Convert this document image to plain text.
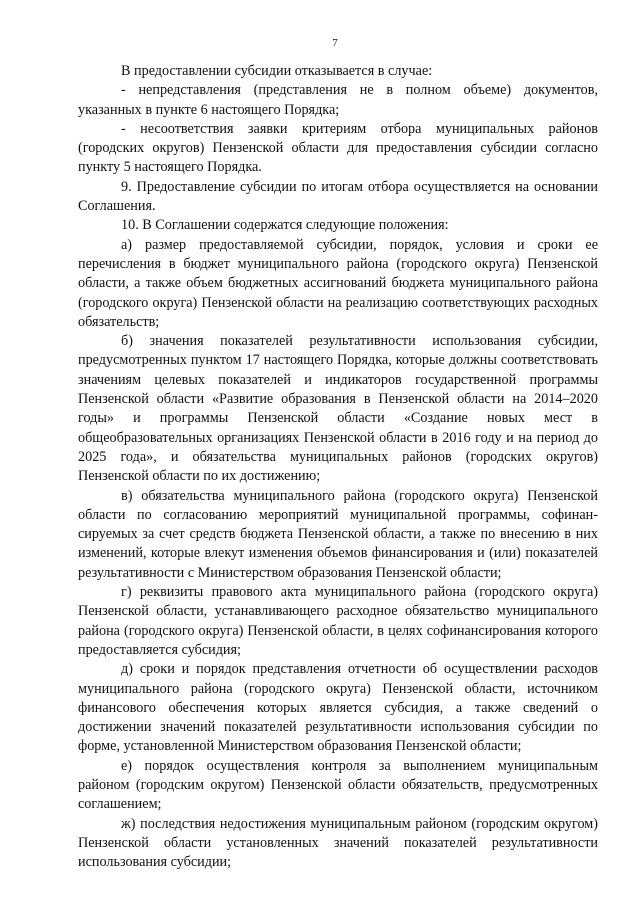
7

В предоставлении субсидии отказывается в случае:

- непредставления (представления не в полном объеме) документов, указанных в пункте 6 настоящего Порядка;

- несоответствия заявки критериям отбора муниципальных районов (городских округов) Пензенской области для предоставления субсидии согласно пункту 5 настоящего Порядка.

9. Предоставление субсидии по итогам отбора осуществляется на основании Соглашения.

10. В Соглашении содержатся следующие положения:

а) размер предоставляемой субсидии, порядок, условия и сроки ее перечисления в бюджет муниципального района (городского округа) Пензенской области, а также объем бюджетных ассигнований бюджета муниципального района (городского округа) Пензенской области на реализацию соответствующих расходных обязательств;

б) значения показателей результативности использования субсидии, предусмотренных пунктом 17 настоящего Порядка, которые должны соответствовать значениям целевых показателей и индикаторов государственной программы Пензенской области «Развитие образования в Пензенской области на 2014–2020 годы» и программы Пензенской области «Создание новых мест в общеобразовательных организациях Пензенской области в 2016 году и на период до 2025 года», и обязательства муниципальных районов (городских округов) Пензенской области по их достижению;

в) обязательства муниципального района (городского округа) Пензенской области по согласованию мероприятий муниципальной программы, софинансируемых за счет средств бюджета Пензенской области, а также по внесению в них изменений, которые влекут изменения объемов финансирования и (или) показателей результативности с Министерством образования Пензенской области;

г) реквизиты правового акта муниципального района (городского округа) Пензенской области, устанавливающего расходное обязательство муниципального района (городского округа) Пензенской области, в целях софинансирования которого предоставляется субсидия;

д) сроки и порядок представления отчетности об осуществлении расходов муниципального района (городского округа) Пензенской области, источником финансового обеспечения которых является субсидия, а также сведений о достижении значений показателей результативности использования субсидии по форме, установленной Министерством образования Пензенской области;

е) порядок осуществления контроля за выполнением муниципальным районом (городским округом) Пензенской области обязательств, предусмотренных соглашением;

ж) последствия недостижения муниципальным районом (городским округом) Пензенской области установленных значений показателей результативности использования субсидии;
